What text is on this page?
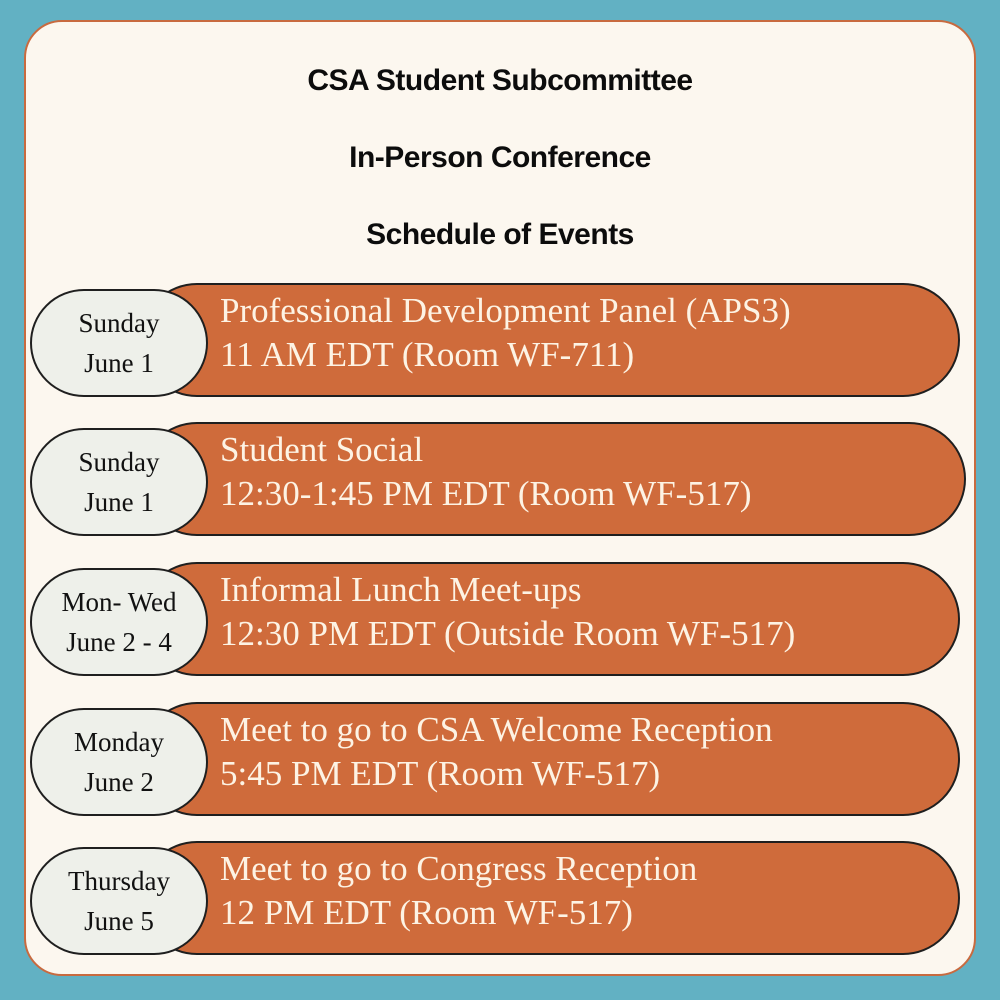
CSA Student Subcommittee
In-Person Conference
Schedule of Events
Sunday
June 1
Professional Development Panel (APS3)
11 AM EDT (Room WF-711)
Sunday
June 1
Student Social
12:30-1:45 PM EDT (Room WF-517)
Mon- Wed
June 2 - 4
Informal Lunch Meet-ups
12:30 PM EDT (Outside Room WF-517)
Monday
June 2
Meet to go to CSA Welcome Reception
5:45 PM EDT (Room WF-517)
Thursday
June 5
Meet to go to Congress Reception
12 PM EDT (Room WF-517)
